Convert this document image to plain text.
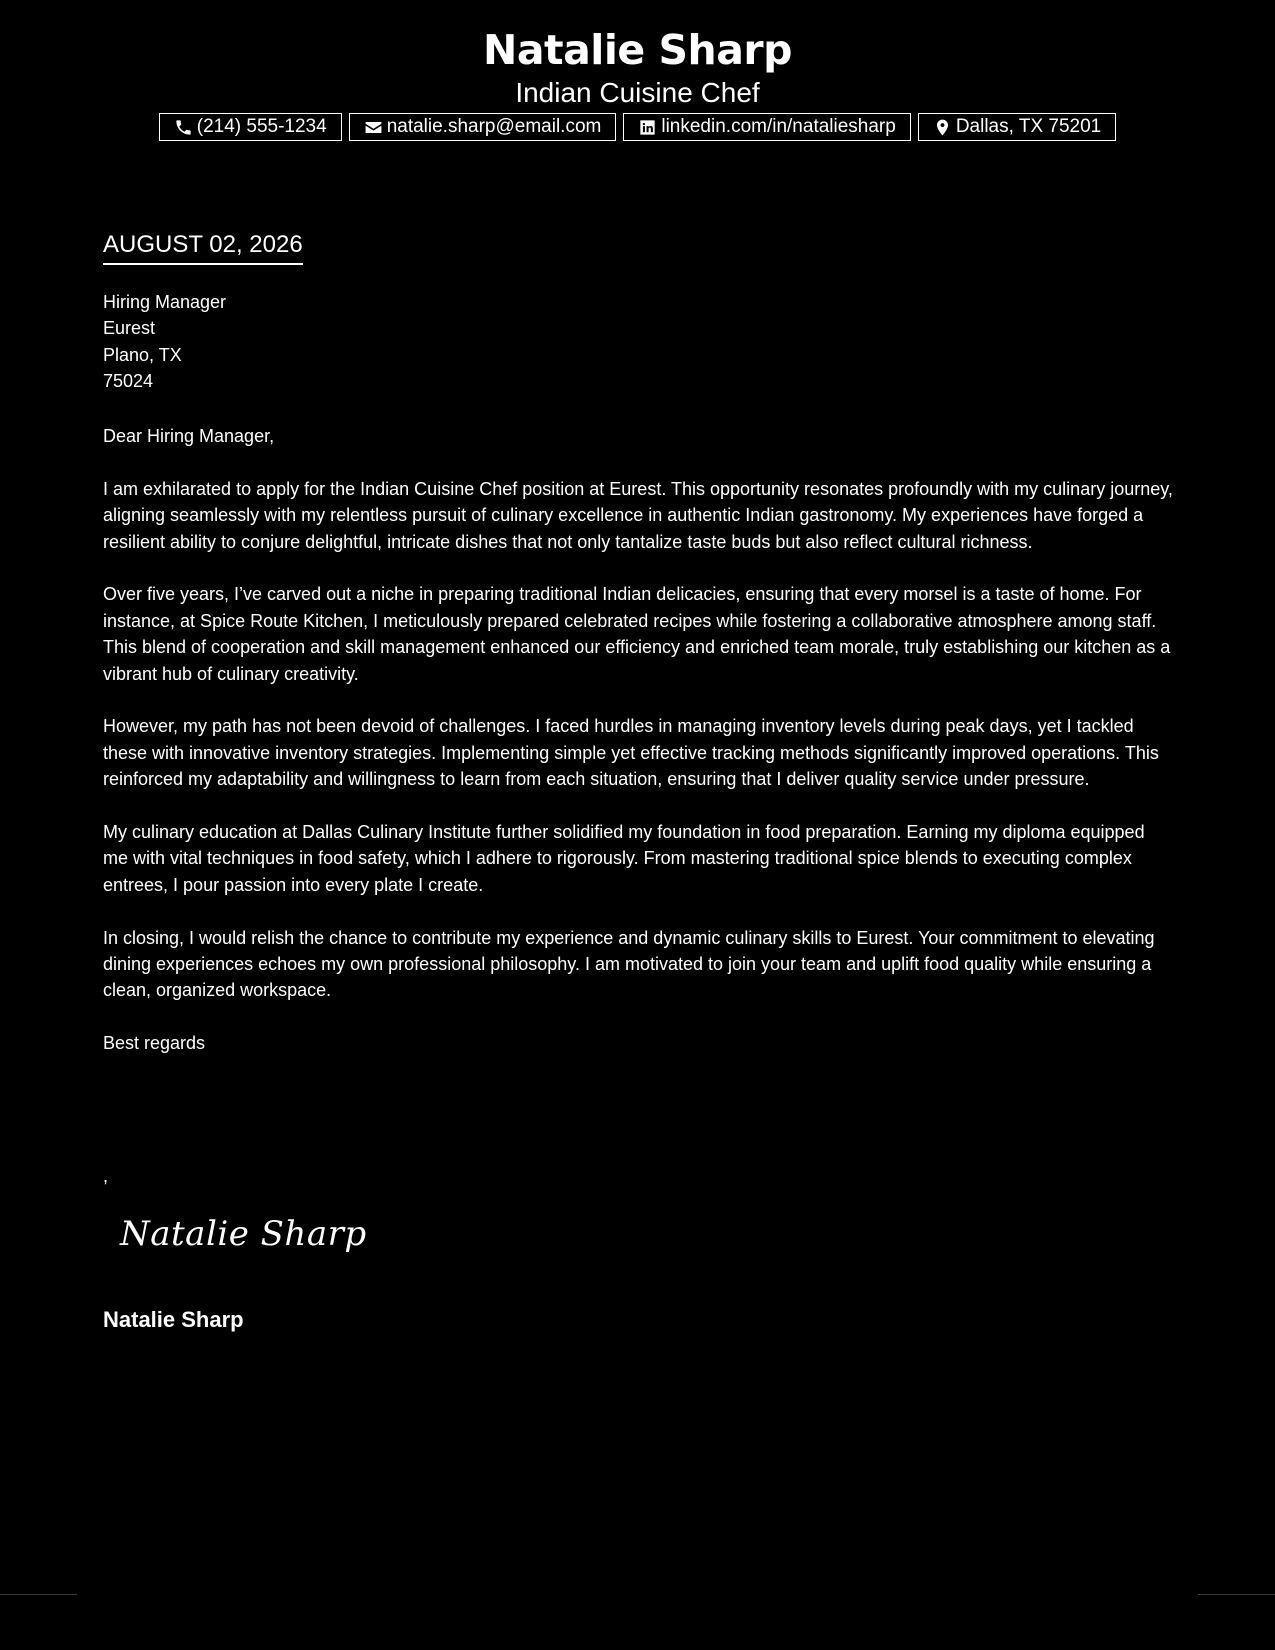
Natalie Sharp
Indian Cuisine Chef
(214) 555-1234	natalie.sharp@email.com	linkedin.com/in/nataliesharp	Dallas, TX 75201
AUGUST 02, 2026
Hiring Manager
Eurest
Plano, TX
75024

Dear Hiring Manager,

I am exhilarated to apply for the Indian Cuisine Chef position at Eurest. This opportunity resonates profoundly with my culinary journey, aligning seamlessly with my relentless pursuit of culinary excellence in authentic Indian gastronomy. My experiences have forged a resilient ability to conjure delightful, intricate dishes that not only tantalize taste buds but also reflect cultural richness.

Over five years, I’ve carved out a niche in preparing traditional Indian delicacies, ensuring that every morsel is a taste of home. For instance, at Spice Route Kitchen, I meticulously prepared celebrated recipes while fostering a collaborative atmosphere among staff. This blend of cooperation and skill management enhanced our efficiency and enriched team morale, truly establishing our kitchen as a vibrant hub of culinary creativity.

However, my path has not been devoid of challenges. I faced hurdles in managing inventory levels during peak days, yet I tackled these with innovative inventory strategies. Implementing simple yet effective tracking methods significantly improved operations. This reinforced my adaptability and willingness to learn from each situation, ensuring that I deliver quality service under pressure.

My culinary education at Dallas Culinary Institute further solidified my foundation in food preparation. Earning my diploma equipped me with vital techniques in food safety, which I adhere to rigorously. From mastering traditional spice blends to executing complex entrees, I pour passion into every plate I create.

In closing, I would relish the chance to contribute my experience and dynamic culinary skills to Eurest. Your commitment to elevating dining experiences echoes my own professional philosophy. I am motivated to join your team and uplift food quality while ensuring a clean, organized workspace.

Best regards

,
Natalie Sharp
Natalie Sharp
